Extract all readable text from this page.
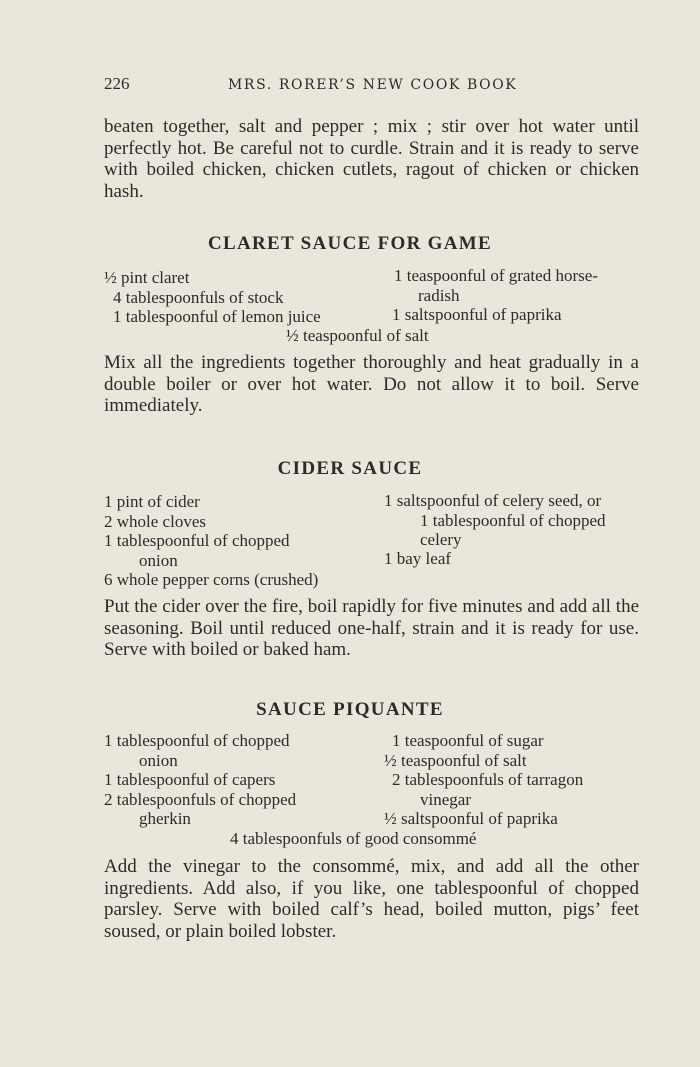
226	MRS. RORER’S NEW COOK BOOK
beaten together, salt and pepper ; mix ; stir over hot water until perfectly hot. Be careful not to curdle. Strain and it is ready to serve with boiled chicken, chicken cutlets, ragout of chicken or chicken hash.
CLARET SAUCE FOR GAME
½ pint claret
4 tablespoonfuls of stock
1 tablespoonful of lemon juice
1 teaspoonful of grated horse-
radish
1 saltspoonful of paprika
½ teaspoonful of salt
Mix all the ingredients together thoroughly and heat gradually in a double boiler or over hot water. Do not allow it to boil. Serve immediately.
CIDER SAUCE
1 pint of cider
2 whole cloves
1 tablespoonful of chopped
onion
6 whole pepper corns (crushed)
1 saltspoonful of celery seed, or
1 tablespoonful of chopped
celery
1 bay leaf
Put the cider over the fire, boil rapidly for five minutes and add all the seasoning. Boil until reduced one-half, strain and it is ready for use. Serve with boiled or baked ham.
SAUCE PIQUANTE
1 tablespoonful of chopped
onion
1 tablespoonful of capers
2 tablespoonfuls of chopped
gherkin
1 teaspoonful of sugar
½ teaspoonful of salt
2 tablespoonfuls of tarragon
vinegar
½ saltspoonful of paprika
4 tablespoonfuls of good consommé
Add the vinegar to the consommé, mix, and add all the other ingredients. Add also, if you like, one tablespoonful of chopped parsley. Serve with boiled calf’s head, boiled mutton, pigs’ feet soused, or plain boiled lobster.
